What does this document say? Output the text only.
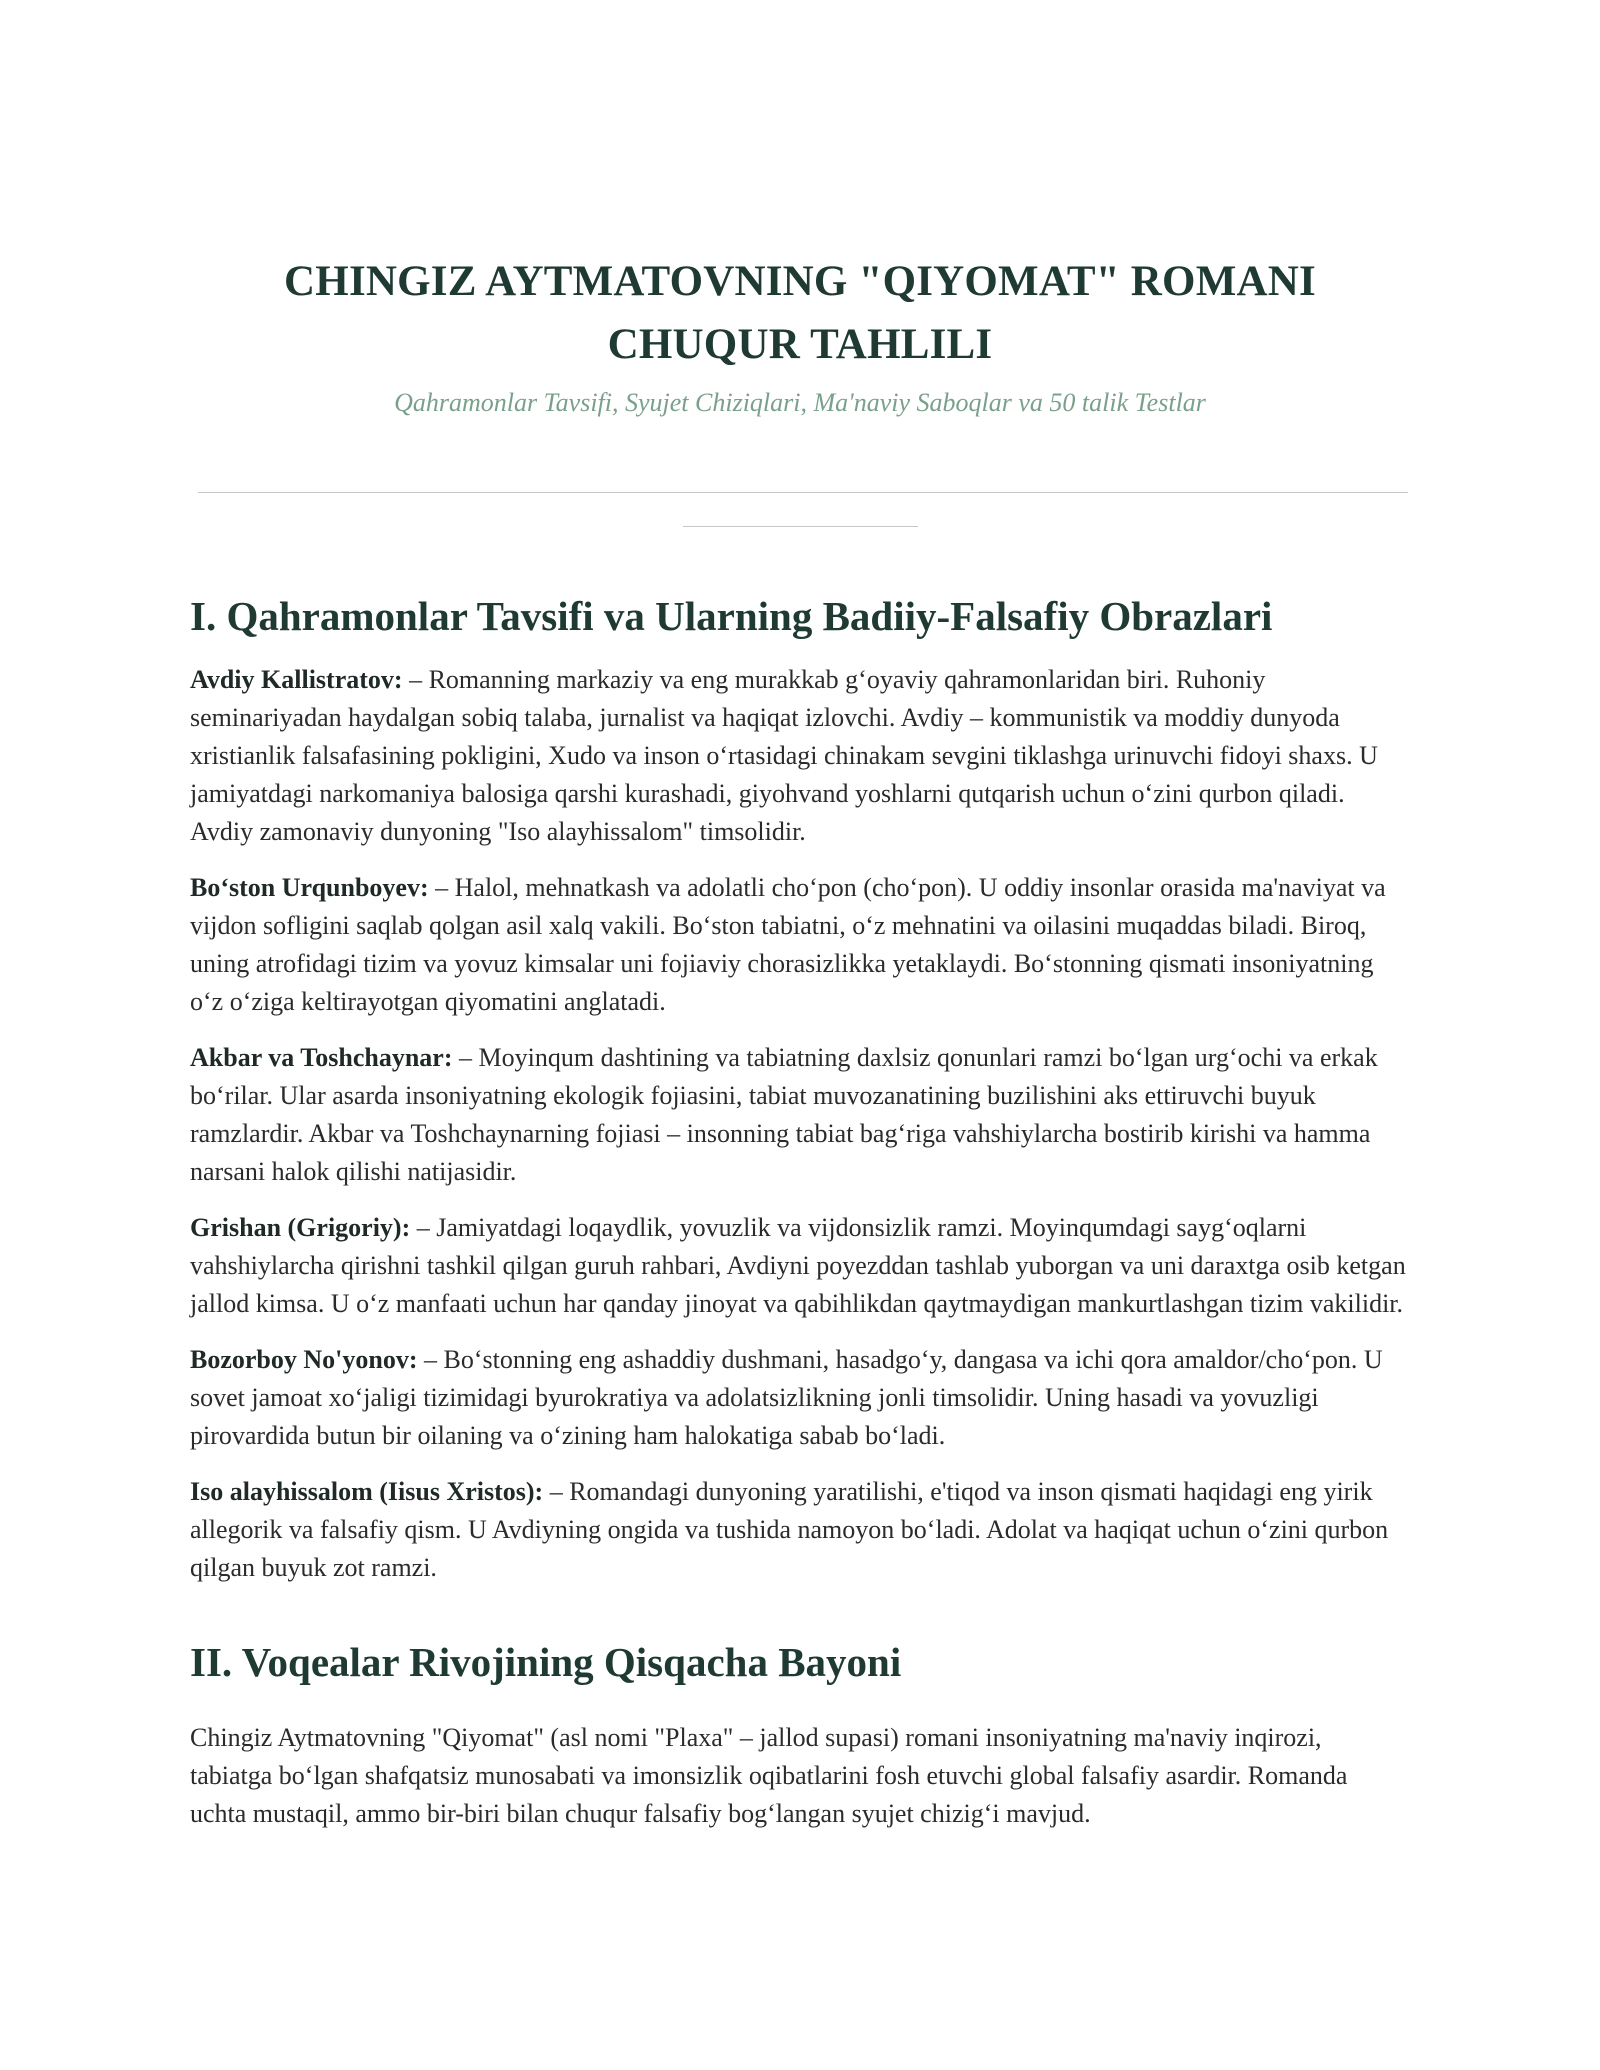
CHINGIZ AYTMATOVNING "QIYOMAT" ROMANI
CHUQUR TAHLILI

Qahramonlar Tavsifi, Syujet Chiziqlari, Ma'naviy Saboqlar va 50 talik Testlar

I. Qahramonlar Tavsifi va Ularning Badiiy-Falsafiy Obrazlari

Avdiy Kallistratov: – Romanning markaziy va eng murakkab g‘oyaviy qahramonlaridan biri. Ruhoniy seminariyadan haydalgan sobiq talaba, jurnalist va haqiqat izlovchi. Avdiy – kommunistik va moddiy dunyoda xristianlik falsafasining pokligini, Xudo va inson o‘rtasidagi chinakam sevgini tiklashga urinuvchi fidoyi shaxs. U jamiyatdagi narkomaniya balosiga qarshi kurashadi, giyohvand yoshlarni qutqarish uchun o‘zini qurbon qiladi. Avdiy zamonaviy dunyoning "Iso alayhissalom" timsolidir.

Bo‘ston Urqunboyev: – Halol, mehnatkash va adolatli cho‘pon (cho‘pon). U oddiy insonlar orasida ma'naviyat va vijdon sofligini saqlab qolgan asil xalq vakili. Bo‘ston tabiatni, o‘z mehnatini va oilasini muqaddas biladi. Biroq, uning atrofidagi tizim va yovuz kimsalar uni fojiaviy chorasizlikka yetaklaydi. Bo‘stonning qismati insoniyatning o‘z o‘ziga keltirayotgan qiyomatini anglatadi.

Akbar va Toshchaynar: – Moyinqum dashtining va tabiatning daxlsiz qonunlari ramzi bo‘lgan urg‘ochi va erkak bo‘rilar. Ular asarda insoniyatning ekologik fojiasini, tabiat muvozanatining buzilishini aks ettiruvchi buyuk ramzlardir. Akbar va Toshchaynarning fojiasi – insonning tabiat bag‘riga vahshiylarcha bostirib kirishi va hamma narsani halok qilishi natijasidir.

Grishan (Grigoriy): – Jamiyatdagi loqaydlik, yovuzlik va vijdonsizlik ramzi. Moyinqumdagi sayg‘oqlarni vahshiylarcha qirishni tashkil qilgan guruh rahbari, Avdiyni poyezddan tashlab yuborgan va uni daraxtga osib ketgan jallod kimsa. U o‘z manfaati uchun har qanday jinoyat va qabihlikdan qaytmaydigan mankurtlashgan tizim vakilidir.

Bozorboy No'yonov: – Bo‘stonning eng ashaddiy dushmani, hasadgo‘y, dangasa va ichi qora amaldor/cho‘pon. U sovet jamoat xo‘jaligi tizimidagi byurokratiya va adolatsizlikning jonli timsolidir. Uning hasadi va yovuzligi pirovardida butun bir oilaning va o‘zining ham halokatiga sabab bo‘ladi.

Iso alayhissalom (Iisus Xristos): – Romandagi dunyoning yaratilishi, e'tiqod va inson qismati haqidagi eng yirik allegorik va falsafiy qism. U Avdiyning ongida va tushida namoyon bo‘ladi. Adolat va haqiqat uchun o‘zini qurbon qilgan buyuk zot ramzi.

II. Voqealar Rivojining Qisqacha Bayoni

Chingiz Aytmatovning "Qiyomat" (asl nomi "Plaxa" – jallod supasi) romani insoniyatning ma'naviy inqirozi, tabiatga bo‘lgan shafqatsiz munosabati va imonsizlik oqibatlarini fosh etuvchi global falsafiy asardir. Romanda uchta mustaqil, ammo bir-biri bilan chuqur falsafiy bog‘langan syujet chizig‘i mavjud.
